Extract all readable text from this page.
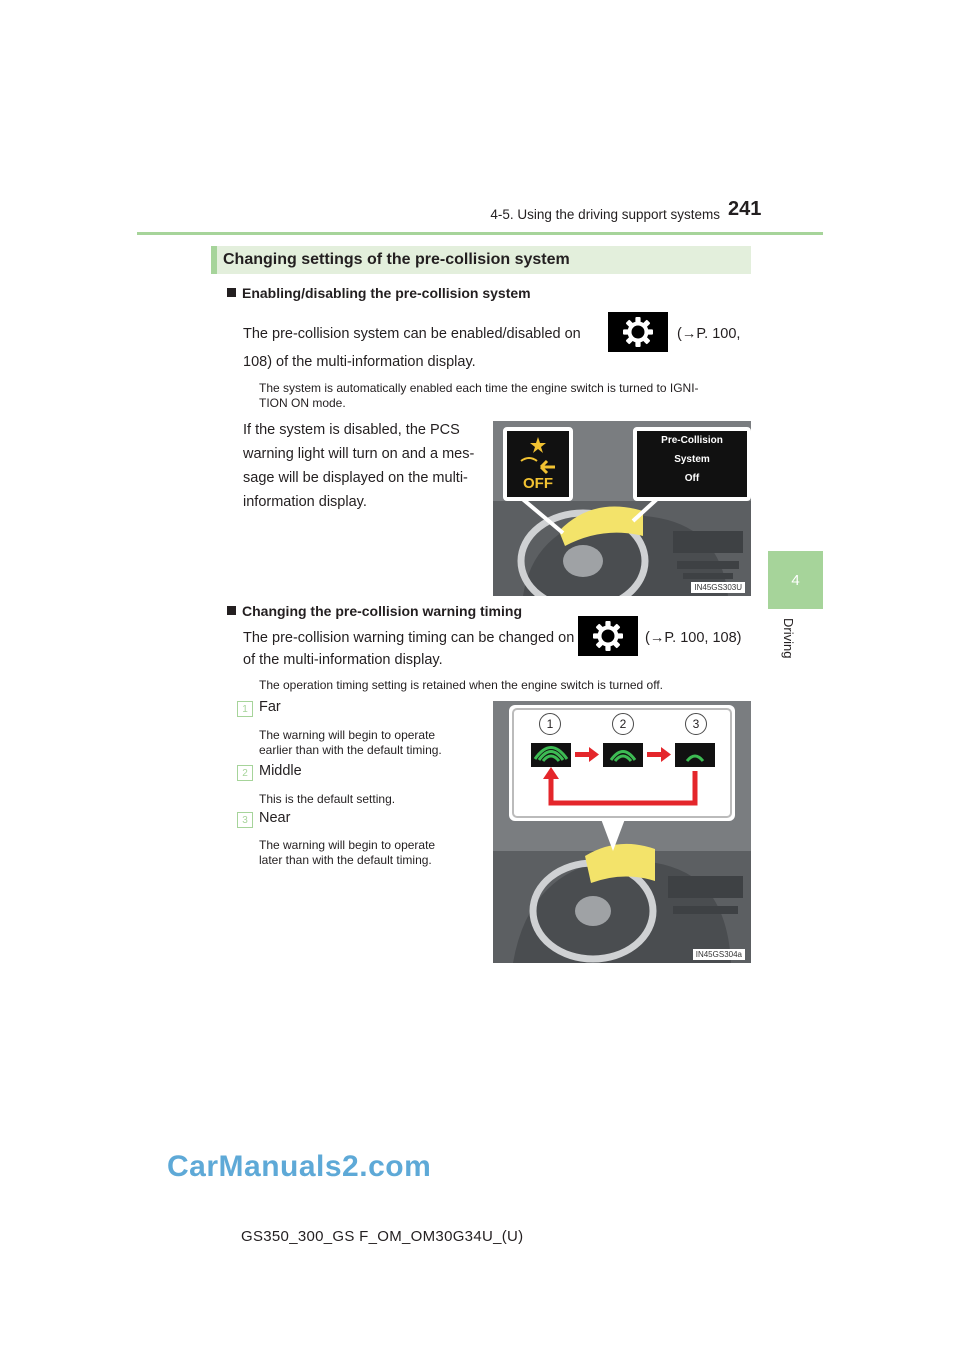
4-5. Using the driving support systems 241
4
Driving
Changing settings of the pre-collision system
Enabling/disabling the pre-collision system
The pre-collision system can be enabled/disabled on	(→P. 100,
108) of the multi-information display.
The system is automatically enabled each time the engine switch is turned to IGNI-
TION ON mode.
If the system is disabled, the PCS
warning light will turn on and a mes-
sage will be displayed on the multi-
information display.
OFF
Pre-Collision
System
Off
IN45GS303U
Changing the pre-collision warning timing
The pre-collision warning timing can be changed on	(→P. 100, 108)
of the multi-information display.
The operation timing setting is retained when the engine switch is turned off.
1 Far
The warning will begin to operate
earlier than with the default timing.
2 Middle
This is the default setting.
3 Near
The warning will begin to operate
later than with the default timing.
1	2	3
IN45GS304a
CarManuals2.com
GS350_300_GS F_OM_OM30G34U_(U)
